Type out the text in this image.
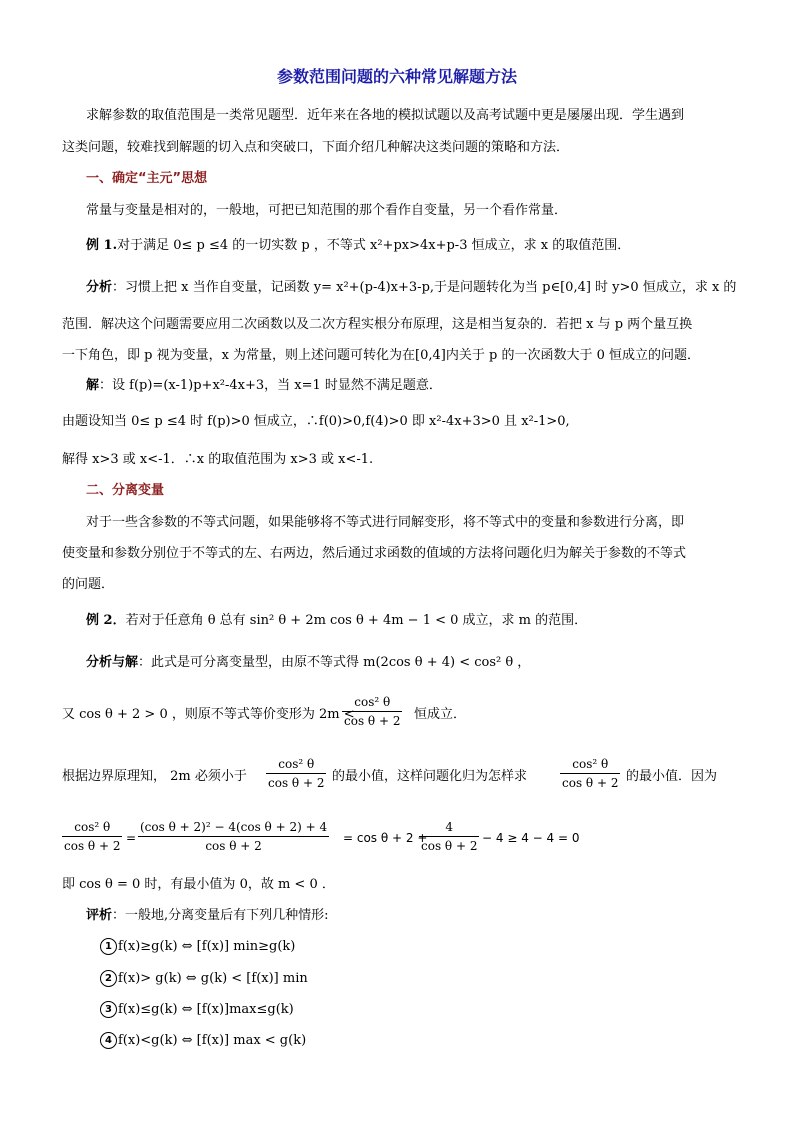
参数范围问题的六种常见解题方法
求解参数的取值范围是一类常见题型．近年来在各地的模拟试题以及高考试题中更是屡屡出现．学生遇到
这类问题，较难找到解题的切入点和突破口，下面介绍几种解决这类问题的策略和方法．
一、确定“主元”思想
常量与变量是相对的，一般地，可把已知范围的那个看作自变量，另一个看作常量．
例 1.对于满足 0≤ p ≤4 的一切实数 p ，不等式 x²+px>4x+p-3 恒成立，求 x 的取值范围．
分析：习惯上把 x 当作自变量，记函数 y= x²+(p-4)x+3-p,于是问题转化为当 p∈[0,4] 时 y>0 恒成立，求 x 的
范围．解决这个问题需要应用二次函数以及二次方程实根分布原理，这是相当复杂的．若把 x 与 p 两个量互换
一下角色，即 p 视为变量，x 为常量，则上述问题可转化为在[0,4]内关于 p 的一次函数大于 0 恒成立的问题．
解：设 f(p)=(x-1)p+x²-4x+3，当 x=1 时显然不满足题意．
由题设知当 0≤ p ≤4 时 f(p)>0 恒成立，∴f(0)>0,f(4)>0 即 x²-4x+3>0 且 x²-1>0,
解得 x>3 或 x<-1．∴x 的取值范围为 x>3 或 x<-1.
二、分离变量
对于一些含参数的不等式问题，如果能够将不等式进行同解变形，将不等式中的变量和参数进行分离，即
使变量和参数分别位于不等式的左、右两边，然后通过求函数的值域的方法将问题化归为解关于参数的不等式
的问题．
例 2．若对于任意角 θ 总有 sin² θ + 2m cos θ + 4m − 1 < 0 成立，求 m 的范围．
分析与解：此式是可分离变量型，由原不等式得 m(2cos θ + 4) < cos² θ ，
又 cos θ + 2 > 0 ，则原不等式等价变形为 2m <
cos² θ
cos θ + 2 恒成立．
根据边界原理知， 2m 必须小于
cos² θ
cos θ + 2 的最小值，这样问题化归为怎样求
cos² θ
cos θ + 2 的最小值．因为
cos² θ
cos θ + 2
=
(cos θ + 2)² − 4(cos θ + 2) + 4
cos θ + 2
= cos θ + 2 +
4
cos θ + 2
− 4 ≥ 4 − 4 = 0
即 cos θ = 0 时，有最小值为 0，故 m < 0 ．
评析：一般地,分离变量后有下列几种情形:
1 f(x)≥g(k) ⇔ [f(x)] min≥g(k)
2 f(x)> g(k) ⇔ g(k) < [f(x)] min
3 f(x)≤g(k) ⇔ [f(x)]max≤g(k)
4 f(x)<g(k) ⇔ [f(x)] max < g(k)
